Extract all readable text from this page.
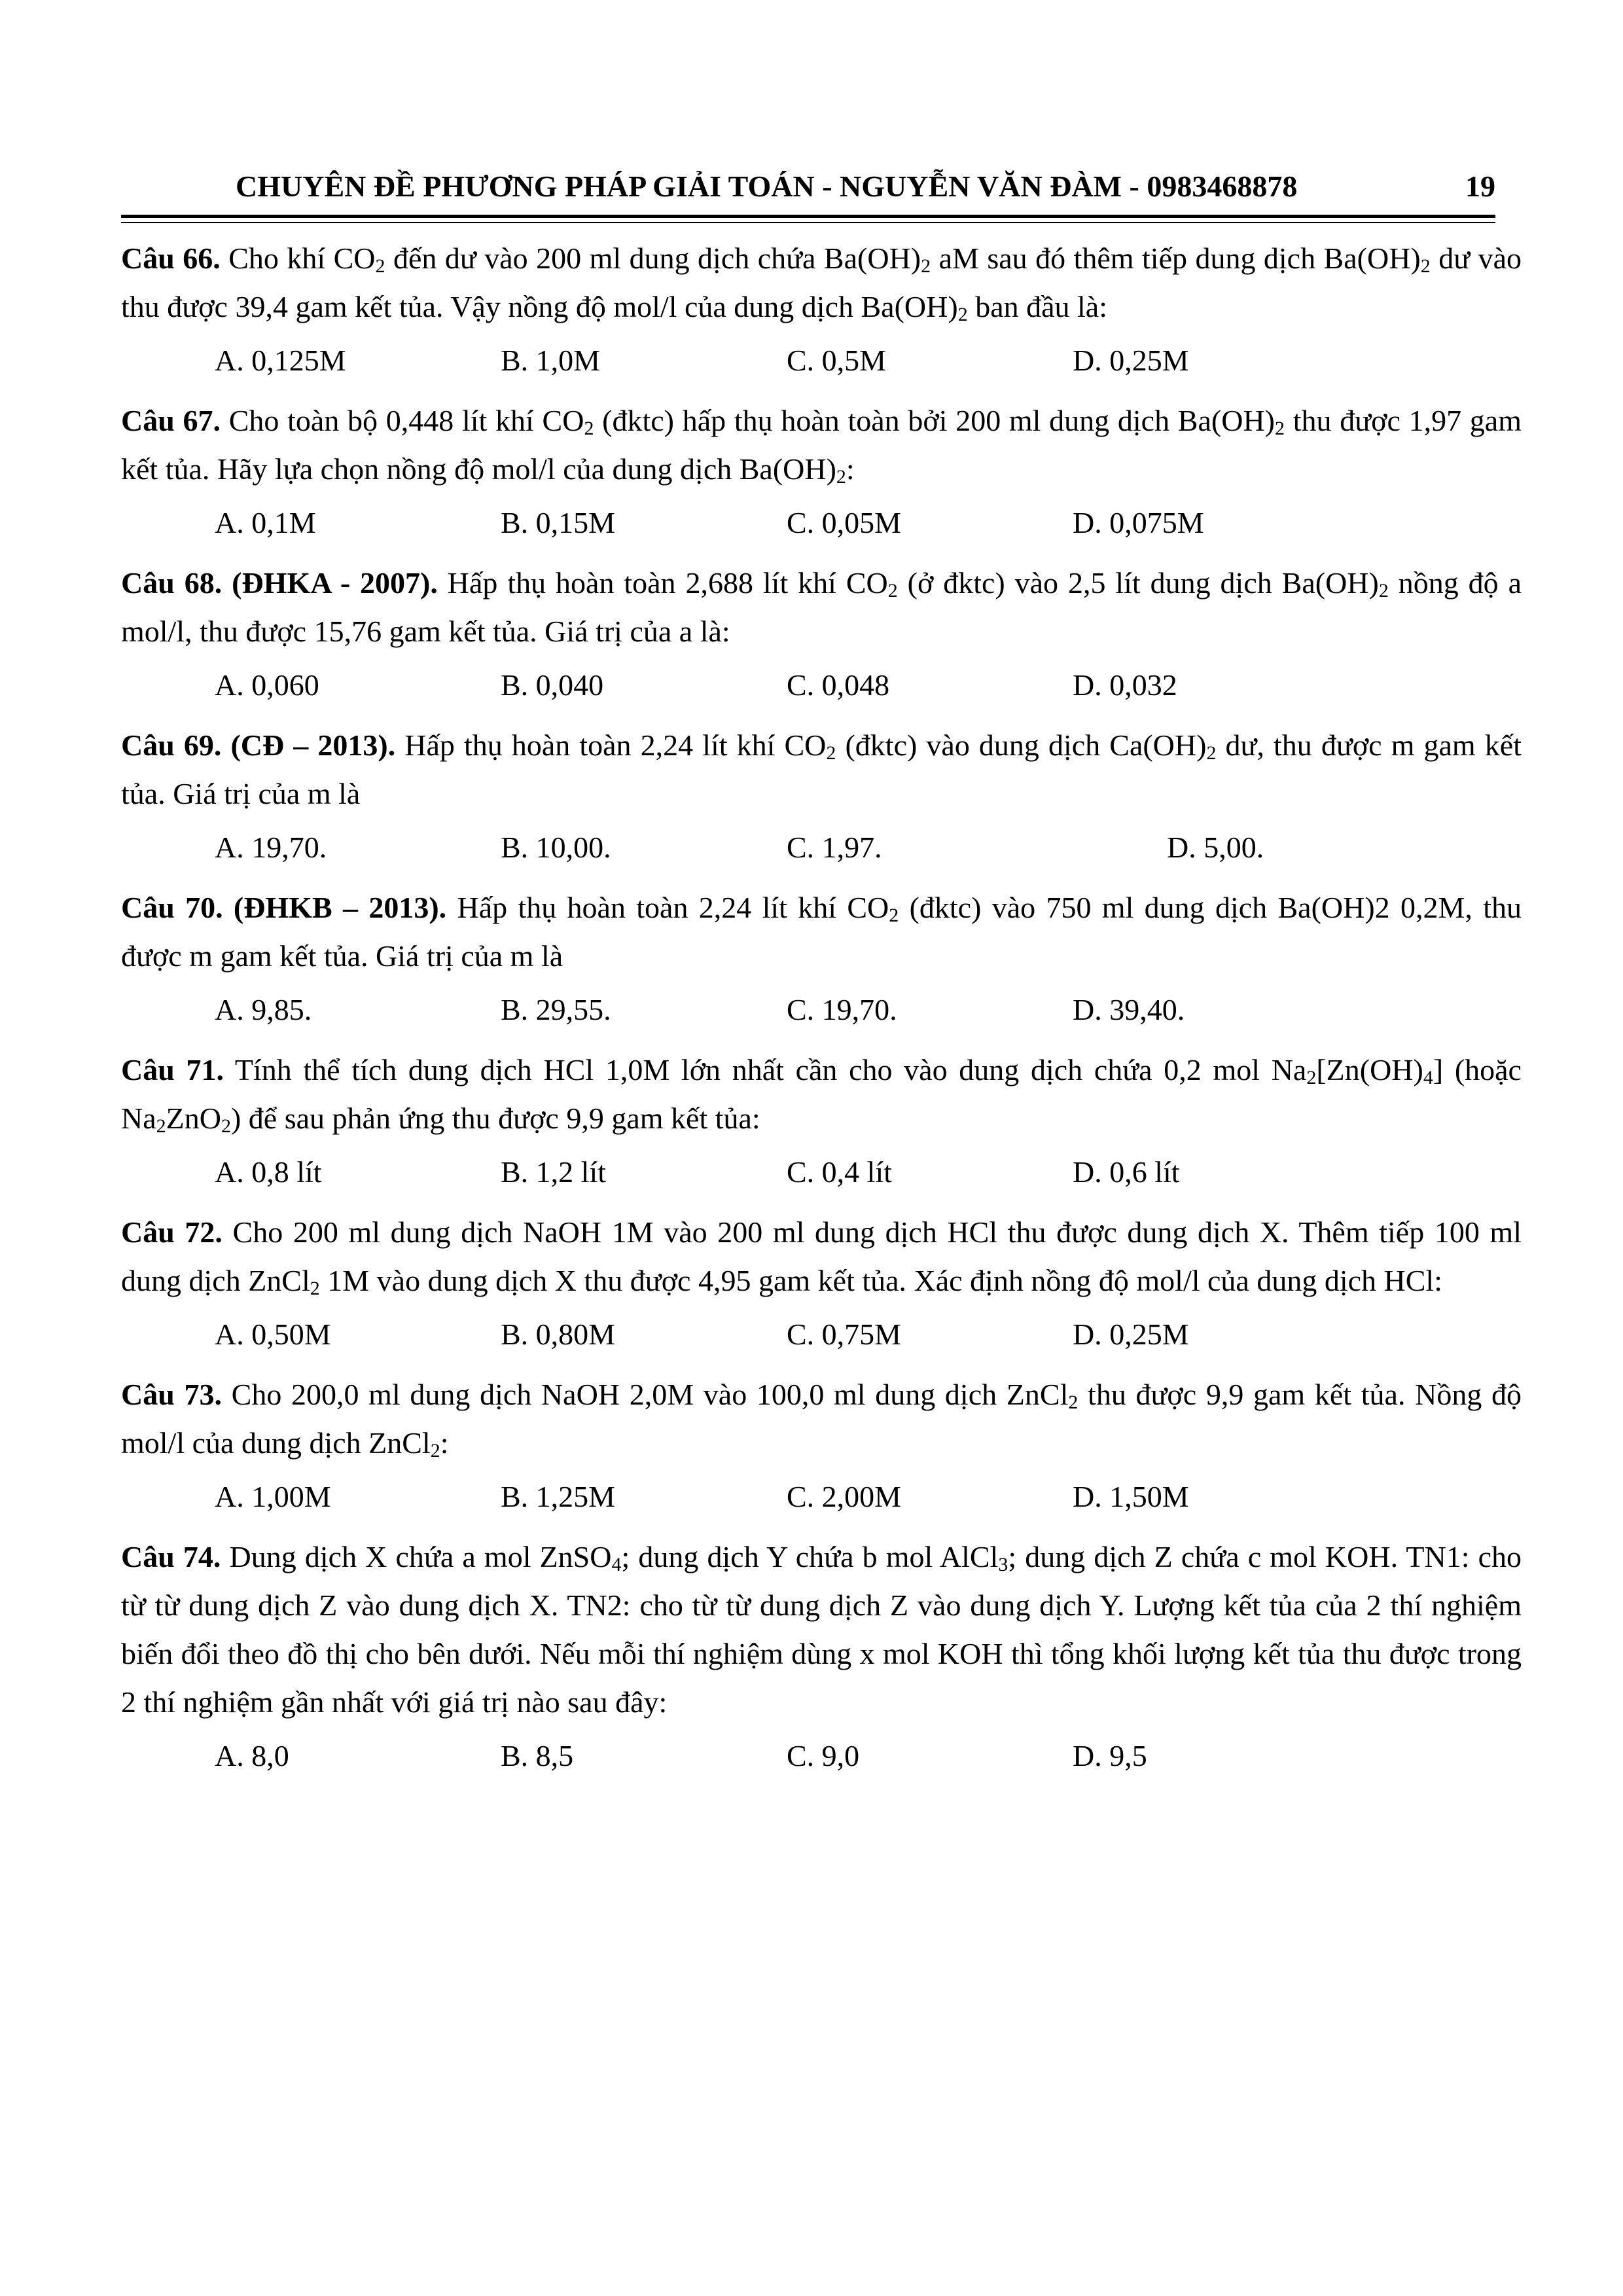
CHUYÊN ĐỀ PHƯƠNG PHÁP GIẢI TOÁN - NGUYỄN VĂN ĐÀM - 0983468878	19
Câu 66. Cho khí $CO_2$ đến dư vào 200 ml dung dịch chứa $Ba(OH)_2$ aM sau đó thêm tiếp dung dịch $Ba(OH)_2$ dư vào thu được 39,4 gam kết tủa. Vậy nồng độ mol/l của dung dịch $Ba(OH)_2$ ban đầu là:
A. 0,125M	B. 1,0M	C. 0,5M	D. 0,25M
Câu 67. Cho toàn bộ 0,448 lít khí $CO_2$ (đktc) hấp thụ hoàn toàn bởi 200 ml dung dịch $Ba(OH)_2$ thu được 1,97 gam kết tủa. Hãy lựa chọn nồng độ mol/l của dung dịch $Ba(OH)_2$:
A. 0,1M	B. 0,15M	C. 0,05M	D. 0,075M
Câu 68. (ĐHKA - 2007). Hấp thụ hoàn toàn 2,688 lít khí $CO_2$ (ở đktc) vào 2,5 lít dung dịch $Ba(OH)_2$ nồng độ a mol/l, thu được 15,76 gam kết tủa. Giá trị của a là:
A. 0,060	B. 0,040	C. 0,048	D. 0,032
Câu 69. (CĐ – 2013). Hấp thụ hoàn toàn 2,24 lít khí $CO_2$ (đktc) vào dung dịch $Ca(OH)_2$ dư, thu được m gam kết tủa. Giá trị của m là
A. 19,70.	B. 10,00.	C. 1,97.	D. 5,00.
Câu 70. (ĐHKB – 2013). Hấp thụ hoàn toàn 2,24 lít khí $CO_2$ (đktc) vào 750 ml dung dịch Ba(OH)2 0,2M, thu được m gam kết tủa. Giá trị của m là
A. 9,85.	B. 29,55.	C. 19,70.	D. 39,40.
Câu 71. Tính thể tích dung dịch HCl 1,0M lớn nhất cần cho vào dung dịch chứa 0,2 mol $Na_2[Zn(OH)_4]$ (hoặc $Na_2ZnO_2$) để sau phản ứng thu được 9,9 gam kết tủa:
A. 0,8 lít	B. 1,2 lít	C. 0,4 lít	D. 0,6 lít
Câu 72. Cho 200 ml dung dịch NaOH 1M vào 200 ml dung dịch HCl thu được dung dịch X. Thêm tiếp 100 ml dung dịch ZnCl$_2$ 1M vào dung dịch X thu được 4,95 gam kết tủa. Xác định nồng độ mol/l của dung dịch HCl:
A. 0,50M	B. 0,80M	C. 0,75M	D. 0,25M
Câu 73. Cho 200,0 ml dung dịch NaOH 2,0M vào 100,0 ml dung dịch ZnCl$_2$ thu được 9,9 gam kết tủa. Nồng độ mol/l của dung dịch ZnCl$_2$:
A. 1,00M	B. 1,25M	C. 2,00M	D. 1,50M
Câu 74. Dung dịch X chứa a mol ZnSO$_4$; dung dịch Y chứa b mol AlCl$_3$; dung dịch Z chứa c mol KOH. TN1: cho từ từ dung dịch Z vào dung dịch X. TN2: cho từ từ dung dịch Z vào dung dịch Y. Lượng kết tủa của 2 thí nghiệm biến đổi theo đồ thị cho bên dưới. Nếu mỗi thí nghiệm dùng x mol KOH thì tổng khối lượng kết tủa thu được trong 2 thí nghiệm gần nhất với giá trị nào sau đây:
A. 8,0	B. 8,5	C. 9,0	D. 9,5
